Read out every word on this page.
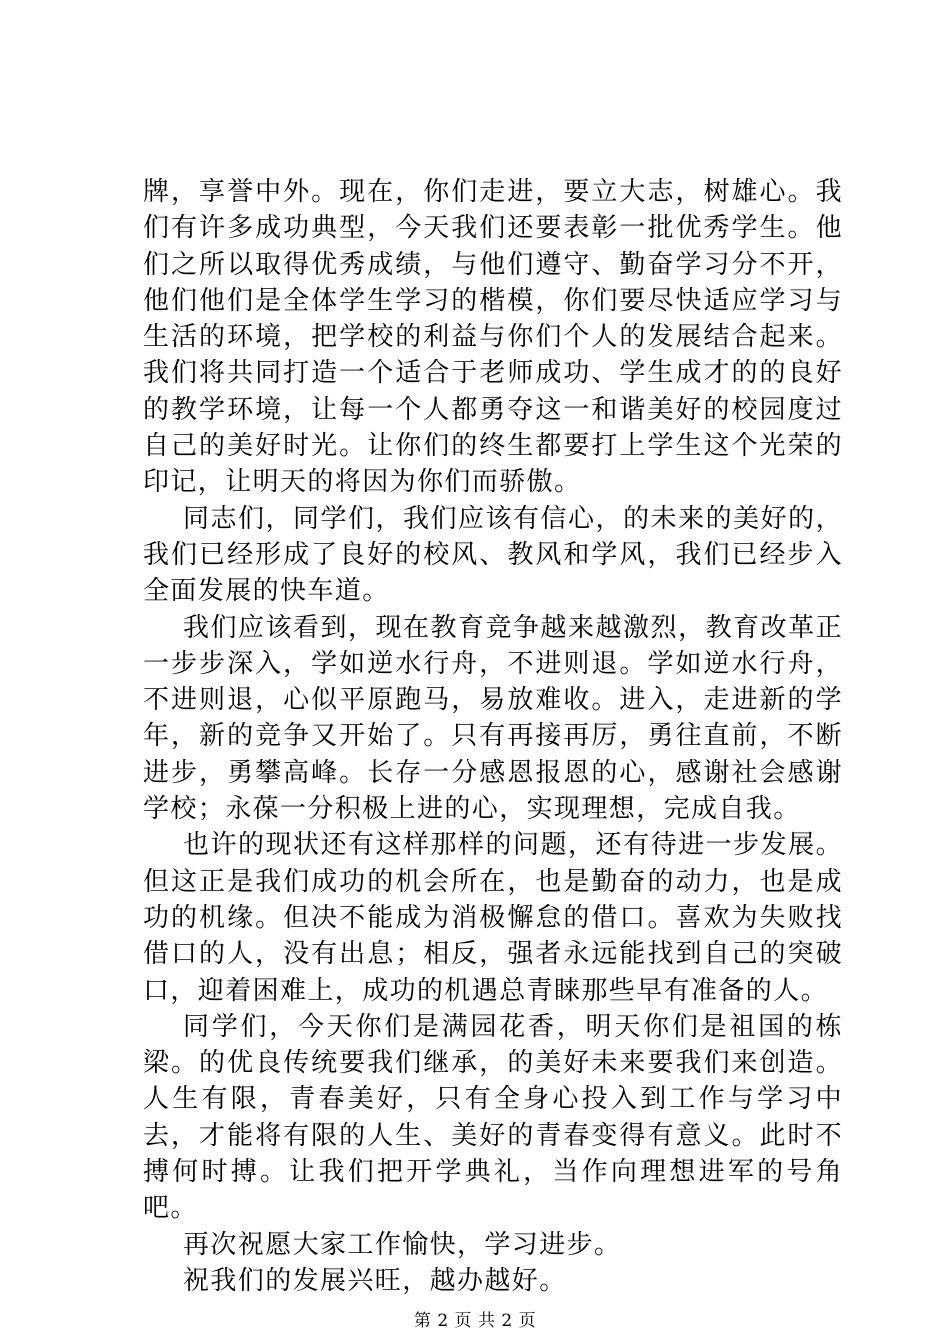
牌，享誉中外。现在，你们走进，要立大志，树雄心。我们有许多成功典型，今天我们还要表彰一批优秀学生。他们之所以取得优秀成绩，与他们遵守、勤奋学习分不开，他们他们是全体学生学习的楷模，你们要尽快适应学习与生活的环境，把学校的利益与你们个人的发展结合起来。我们将共同打造一个适合于老师成功、学生成才的的良好的教学环境，让每一个人都勇夺这一和谐美好的校园度过自己的美好时光。让你们的终生都要打上学生这个光荣的印记，让明天的将因为你们而骄傲。

同志们，同学们，我们应该有信心，的未来的美好的，我们已经形成了良好的校风、教风和学风，我们已经步入全面发展的快车道。

我们应该看到，现在教育竞争越来越激烈，教育改革正一步步深入，学如逆水行舟，不进则退。学如逆水行舟，不进则退，心似平原跑马，易放难收。进入，走进新的学年，新的竞争又开始了。只有再接再厉，勇往直前，不断进步，勇攀高峰。长存一分感恩报恩的心，感谢社会感谢学校；永葆一分积极上进的心，实现理想，完成自我。

也许的现状还有这样那样的问题，还有待进一步发展。但这正是我们成功的机会所在，也是勤奋的动力，也是成功的机缘。但决不能成为消极懈怠的借口。喜欢为失败找借口的人，没有出息；相反，强者永远能找到自己的突破口，迎着困难上，成功的机遇总青睐那些早有准备的人。

同学们，今天你们是满园花香，明天你们是祖国的栋梁。的优良传统要我们继承，的美好未来要我们来创造。人生有限，青春美好，只有全身心投入到工作与学习中去，才能将有限的人生、美好的青春变得有意义。此时不搏何时搏。让我们把开学典礼，当作向理想进军的号角吧。

再次祝愿大家工作愉快，学习进步。

祝我们的发展兴旺，越办越好。

第 2 页 共 2 页
